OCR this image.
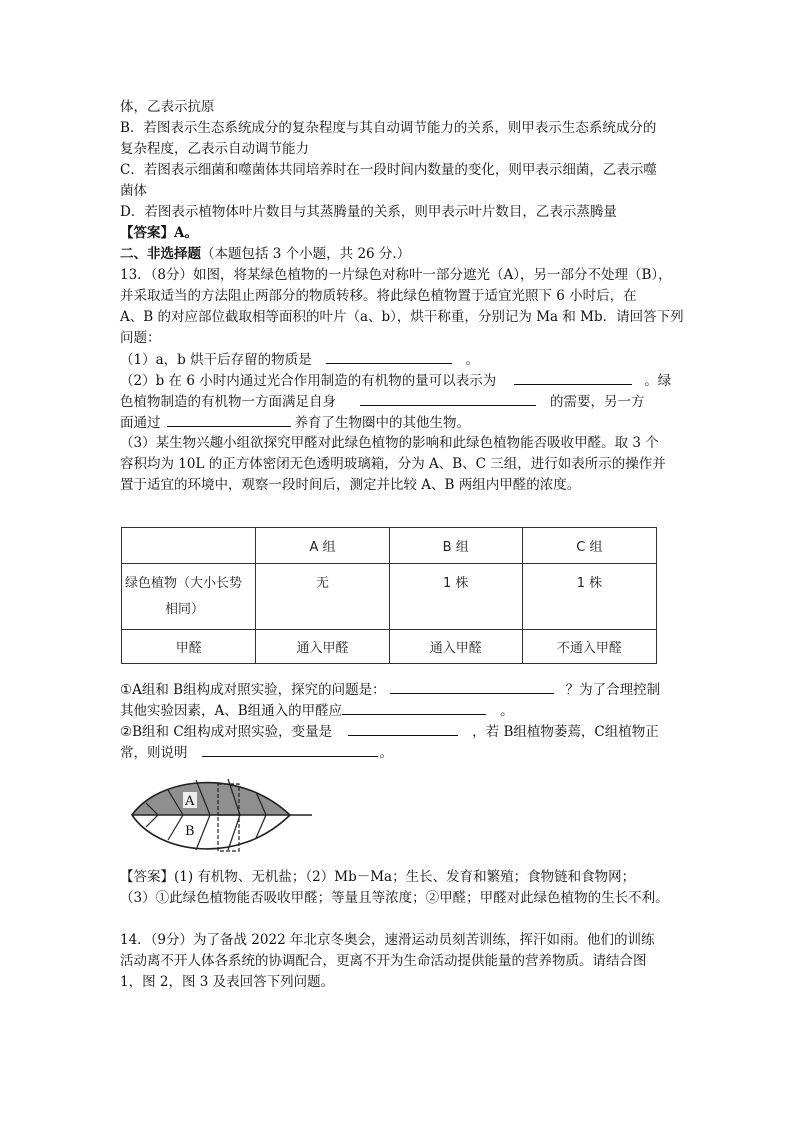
体，乙表示抗原
B．若图表示生态系统成分的复杂程度与其自动调节能力的关系，则甲表示生态系统成分的
复杂程度，乙表示自动调节能力
C．若图表示细菌和噬菌体共同培养时在一段时间内数量的变化，则甲表示细菌，乙表示噬
菌体
D．若图表示植物体叶片数目与其蒸腾量的关系，则甲表示叶片数目，乙表示蒸腾量
【答案】A。
二、非选择题（本题包括 3 个小题，共 26 分.）
13．（8分）如图，将某绿色植物的一片绿色对称叶一部分遮光（A），另一部分不处理（B），
并采取适当的方法阻止两部分的物质转移。将此绿色植物置于适宜光照下 6 小时后，在
A、B 的对应部位截取相等面积的叶片（a、b），烘干称重，分别记为 Ma 和 Mb．请回答下列
问题：
（1）a，b 烘干后存留的物质是	。
（2）b 在 6 小时内通过光合作用制造的有机物的量可以表示为	。绿
色植物制造的有机物一方面满足自身	的需要，另一方
面通过	养育了生物圈中的其他生物。
（3）某生物兴趣小组欲探究甲醛对此绿色植物的影响和此绿色植物能否吸收甲醛。取 3 个
容积均为 10L 的正方体密闭无色透明玻璃箱，分为 A、B、C 三组，进行如表所示的操作并
置于适宜的环境中，观察一段时间后，测定并比较 A、B 两组内甲醛的浓度。
	A 组	B 组	C 组

绿色植物（大小长势
相同）	无	1 株	1 株
甲醛	通入甲醛	通入甲醛	不通入甲醛
①A组和 B组构成对照实验，探究的问题是：	？为了合理控制
其他实验因素，A、B组通入的甲醛应	。
②B组和 C组构成对照实验，变量是	，若 B组植物萎蔫，C组植物正
常，则说明	。
A
B
【答案】(1) 有机物、无机盐；（2）Mb－Ma；生长、发育和繁殖；食物链和食物网；
（3）①此绿色植物能否吸收甲醛；等量且等浓度；②甲醛；甲醛对此绿色植物的生长不利。
14．（9分）为了备战 2022 年北京冬奥会，速滑运动员刻苦训练，挥汗如雨。他们的训练
活动离不开人体各系统的协调配合，更离不开为生命活动提供能量的营养物质。请结合图
1，图 2，图 3 及表回答下列问题。
